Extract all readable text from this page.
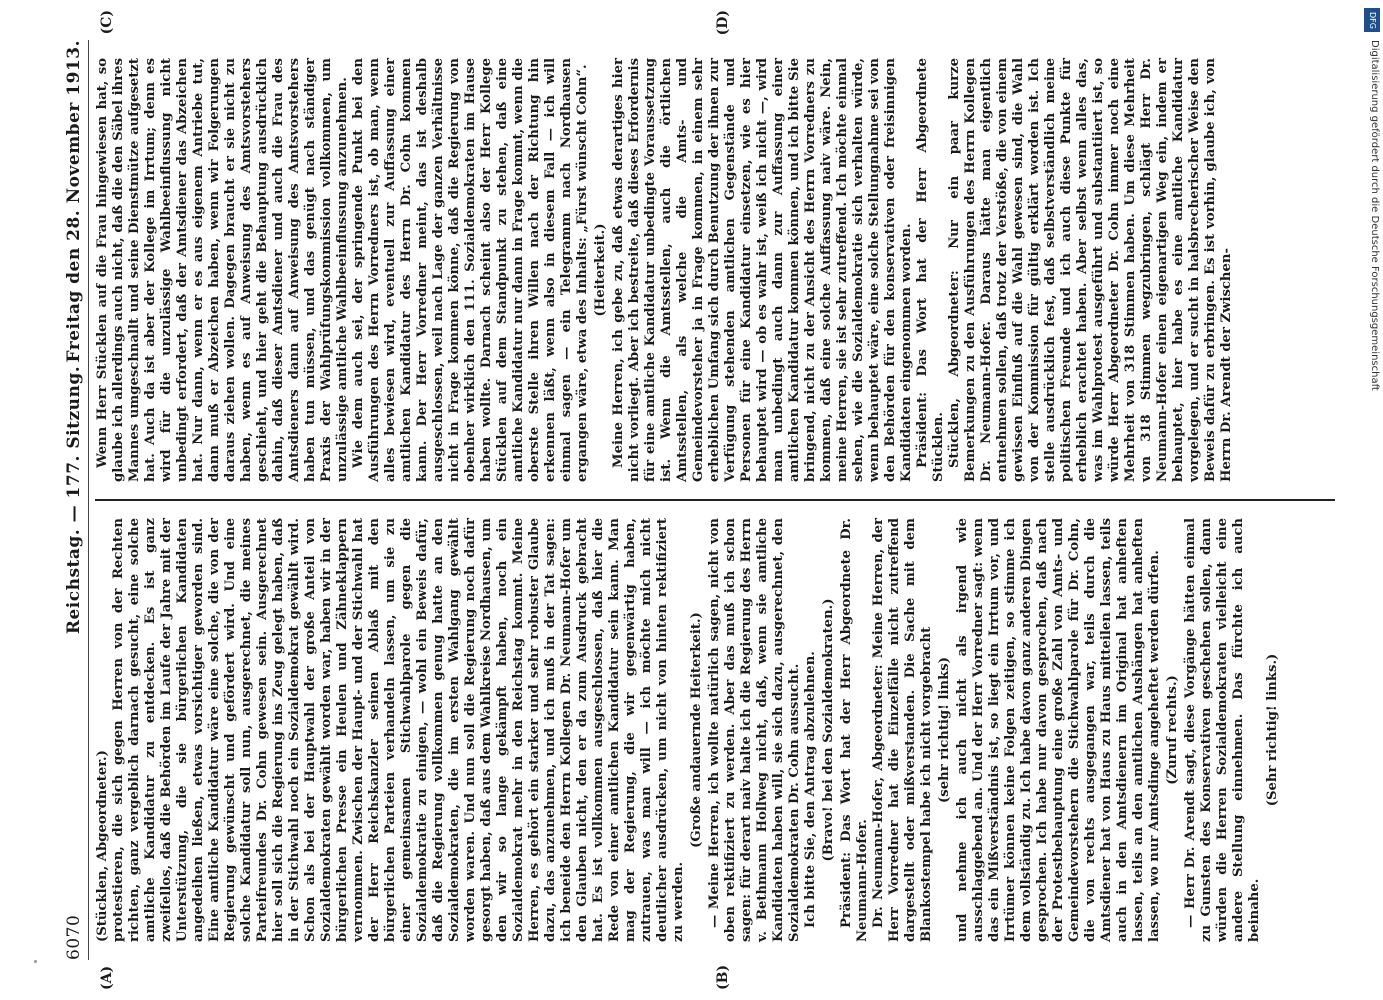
6070
Reichstag. — 177. Sitzung.
Freitag den 28. November 1913.
(A)	(B)
(C)	(D)

(Stücklen, Abgeordneter.) protestieren, die sich gegen Herren von der Rechten richten, ganz vergeblich darnach gesucht, eine solche amtliche Kandidatur zu entdecken. Es ist ganz zweifellos, daß die Behörden im Laufe der Jahre mit der Unterstützung, die sie bürgerlichen Kandidaten angedeihen ließen, etwas vorsichtiger geworden sind. Eine amtliche Kandidatur wäre eine solche, die von der Regierung gewünscht und gefördert wird. Und eine solche Kandidatur soll nun, ausgerechnet, die meines Parteifreundes Dr. Cohn gewesen sein. Ausgerechnet hier soll sich die Regierung ins Zeug gelegt haben, daß in der Stichwahl noch ein Sozialdemokrat gewählt wird. Schon als bei der Hauptwahl der große Anteil von Sozialdemokraten gewählt worden war, haben wir in der bürgerlichen Presse ein Heulen und Zähneklappern vernommen. Zwischen der Haupt- und der Stichwahl hat der Herr Reichskanzler seinen Ablaß mit den bürgerlichen Parteien verhandeln lassen, um sie zu einer gemeinsamen Stichwahlparole gegen die Sozialdemokratie zu einigen, — wohl ein Beweis dafür, daß die Regierung vollkommen genug hatte an den Sozialdemokraten, die im ersten Wahlgang gewählt worden waren. Und nun soll die Regierung noch dafür gesorgt haben, daß aus dem Wahlkreise Nordhausen, um den wir so lange gekämpft haben, noch ein Sozialdemokrat mehr in den Reichstag kommt. Meine Herren, es gehört ein starker und sehr robuster Glaube dazu, das anzunehmen, und ich muß in der Tat sagen: ich beneide den Herrn Kollegen Dr. Neumann-Hofer um den Glauben nicht, den er da zum Ausdruck gebracht hat. Es ist vollkommen ausgeschlossen, daß hier die Rede von einer amtlichen Kandidatur sein kann. Man mag der Regierung, die wir gegenwärtig haben, zutrauen, was man will — ich möchte mich nicht deutlicher ausdrücken, um nicht von hinten rektifiziert zu werden.

(Große andauernde Heiterkeit.) — Meine Herren, ich wollte natürlich sagen, nicht von oben rektifiziert zu werden. Aber das muß ich schon sagen: für derart naiv halte ich die Regierung des Herrn v. Bethmann Hollweg nicht, daß, wenn sie amtliche Kandidaten haben will, sie sich dazu, ausgerechnet, den Sozialdemokraten Dr. Cohn aussucht. Ich bitte Sie, den Antrag abzulehnen. (Bravo! bei den Sozialdemokraten.) Präsident: Das Wort hat der Herr Abgeordnete Dr. Neumann-Hofer. Dr. Neumann-Hofer, Abgeordneter: Meine Herren, der Herr Vorredner hat die Einzelfälle nicht zutreffend dargestellt oder mißverstanden. Die Sache mit dem Blankostempel habe ich nicht vorgebracht (sehr richtig! links) und nehme ich auch nicht als irgend wie ausschlaggebend an. Und der Herr Vorredner sagt: wenn das ein Mißverständnis ist, so liegt ein Irrtum vor, und Irrtümer können keine Folgen zeitigen, so stimme ich dem vollständig zu. Ich habe davon ganz anderen Dingen gesprochen. Ich habe nur davon gesprochen, daß nach der Protestbehauptung eine große Zahl von Amts- und Gemeindevorstehern die Stichwahlparole für Dr. Cohn, die von rechts ausgegangen war, teils durch die Amtsdiener hat von Haus zu Haus mitteilen lassen, teils auch in den Amtsdienern im Original hat anheften lassen, teils an den amtlichen Aushängen hat anheften lassen, wo nur Amtsdinge angeheftet werden dürfen. (Zuruf rechts.) — Herr Dr. Arendt sagt, diese Vorgänge hätten einmal zu Gunsten des Konservativen geschehen sollen, dann würden die Herren Sozialdemokraten vielleicht eine andere Stellung einnehmen. Das fürchte ich auch beinahe.

(Sehr richtig! links.)

Wenn Herr Stücklen auf die Frau hingewiesen hat, so glaube ich allerdings auch nicht, daß die den Säbel ihres Mannes umgeschnallt und seine Dienstmütze aufgesetzt hat. Auch da ist aber der Kollege im Irrtum; denn es wird für die unzulässige Wahlbeeinflussung nicht unbedingt erfordert, daß der Amtsdiener das Abzeichen hat. Nur dann, wenn er es aus eigenem Antriebe tut, dann muß er Abzeichen haben, wenn wir Folgerungen daraus ziehen wollen. Dagegen braucht er sie nicht zu haben, wenn es auf Anweisung des Amtsvorstehers geschieht, und hier geht die Behauptung ausdrücklich dahin, daß dieser Amtsdiener und auch die Frau des Amtsdieners dann auf Anweisung des Amtsvorstehers haben tun müssen, und das genügt nach ständiger Praxis der Wahlprüfungskommission vollkommen, um unzulässige amtliche Wahlbeeinflussung anzunehmen. Wie dem auch sei, der springende Punkt bei den Ausführungen des Herrn Vorredners ist, ob man, wenn alles bewiesen wird, eventuell zur Auffassung einer amtlichen Kandidatur des Herrn Dr. Cohn kommen kann. Der Herr Vorredner meint, das ist deshalb ausgeschlossen, weil nach Lage der ganzen Verhältnisse nicht in Frage kommen könne, daß die Regierung von obenher wirklich den 111. Sozialdemokraten im Hause haben wollte. Darnach scheint also der Herr Kollege Stücklen auf dem Standpunkt zu stehen, daß eine amtliche Kandidatur nur dann in Frage kommt, wenn die oberste Stelle ihren Willen nach der Richtung hin erkennen läßt, wenn also in diesem Fall — ich will einmal sagen — ein Telegramm nach Nordhausen ergangen wäre, etwa des Inhalts: „Fürst wünscht Cohn“. (Heiterkeit.) Meine Herren, ich gebe zu, daß etwas derartiges hier nicht vorliegt. Aber ich bestreite, daß dieses Erfordernis für eine amtliche Kandidatur unbedingte Voraussetzung ist. Wenn die Amtsstellen, auch die örtlichen Amtsstellen, als welche die Amts- und Gemeindevorsteher ja in Frage kommen, in einem sehr erheblichen Umfang sich durch Benutzung der ihnen zur Verfügung stehenden amtlichen Gegenstände und Personen für eine Kandidatur einsetzen, wie es hier behauptet wird — ob es wahr ist, weiß ich nicht —, wird man unbedingt auch dann zur Auffassung einer amtlichen Kandidatur kommen können, und ich bitte Sie bringend, nicht zu der Ansicht des Herrn Vorredners zu kommen, daß eine solche Auffassung naiv wäre. Nein, meine Herren, sie ist sehr zutreffend. Ich möchte einmal sehen, wie die Sozialdemokratie sich verhalten würde, wenn behauptet wäre, eine solche Stellungnahme sei von den Behörden für den konservativen oder freisinnigen Kandidaten eingenommen worden. Präsident: Das Wort hat der Herr Abgeordnete Stücklen. Stücklen, Abgeordneter: Nur ein paar kurze Bemerkungen zu den Ausführungen des Herrn Kollegen Dr. Neumann-Hofer. Daraus hätte man eigentlich entnehmen sollen, daß trotz der Verstöße, die von einem gewissen Einfluß auf die Wahl gewesen sind, die Wahl von der Kommission für gültig erklärt worden ist. Ich stelle ausdrücklich fest, daß selbstverständlich meine politischen Freunde und ich auch diese Punkte für erheblich erachtet haben. Aber selbst wenn alles das, was im Wahlprotest ausgeführt und substantiiert ist, so würde Herr Abgeordneter Dr. Cohn immer noch eine Mehrheit von 318 Stimmen haben. Um diese Mehrheit von 318 Stimmen wegzubringen, schlägt Herr Dr. Neumann-Hofer einen eigenartigen Weg ein, indem er behauptet, hier habe es eine amtliche Kandidatur vorgelegen, und er sucht in halsbrecherischer Weise den Beweis dafür zu erbringen. Es ist vorhin, glaube ich, von Herrn Dr. Arendt der Zwischen-

DFG
Digitalisierung gefördert durch die Deutsche Forschungsgemeinschaft
